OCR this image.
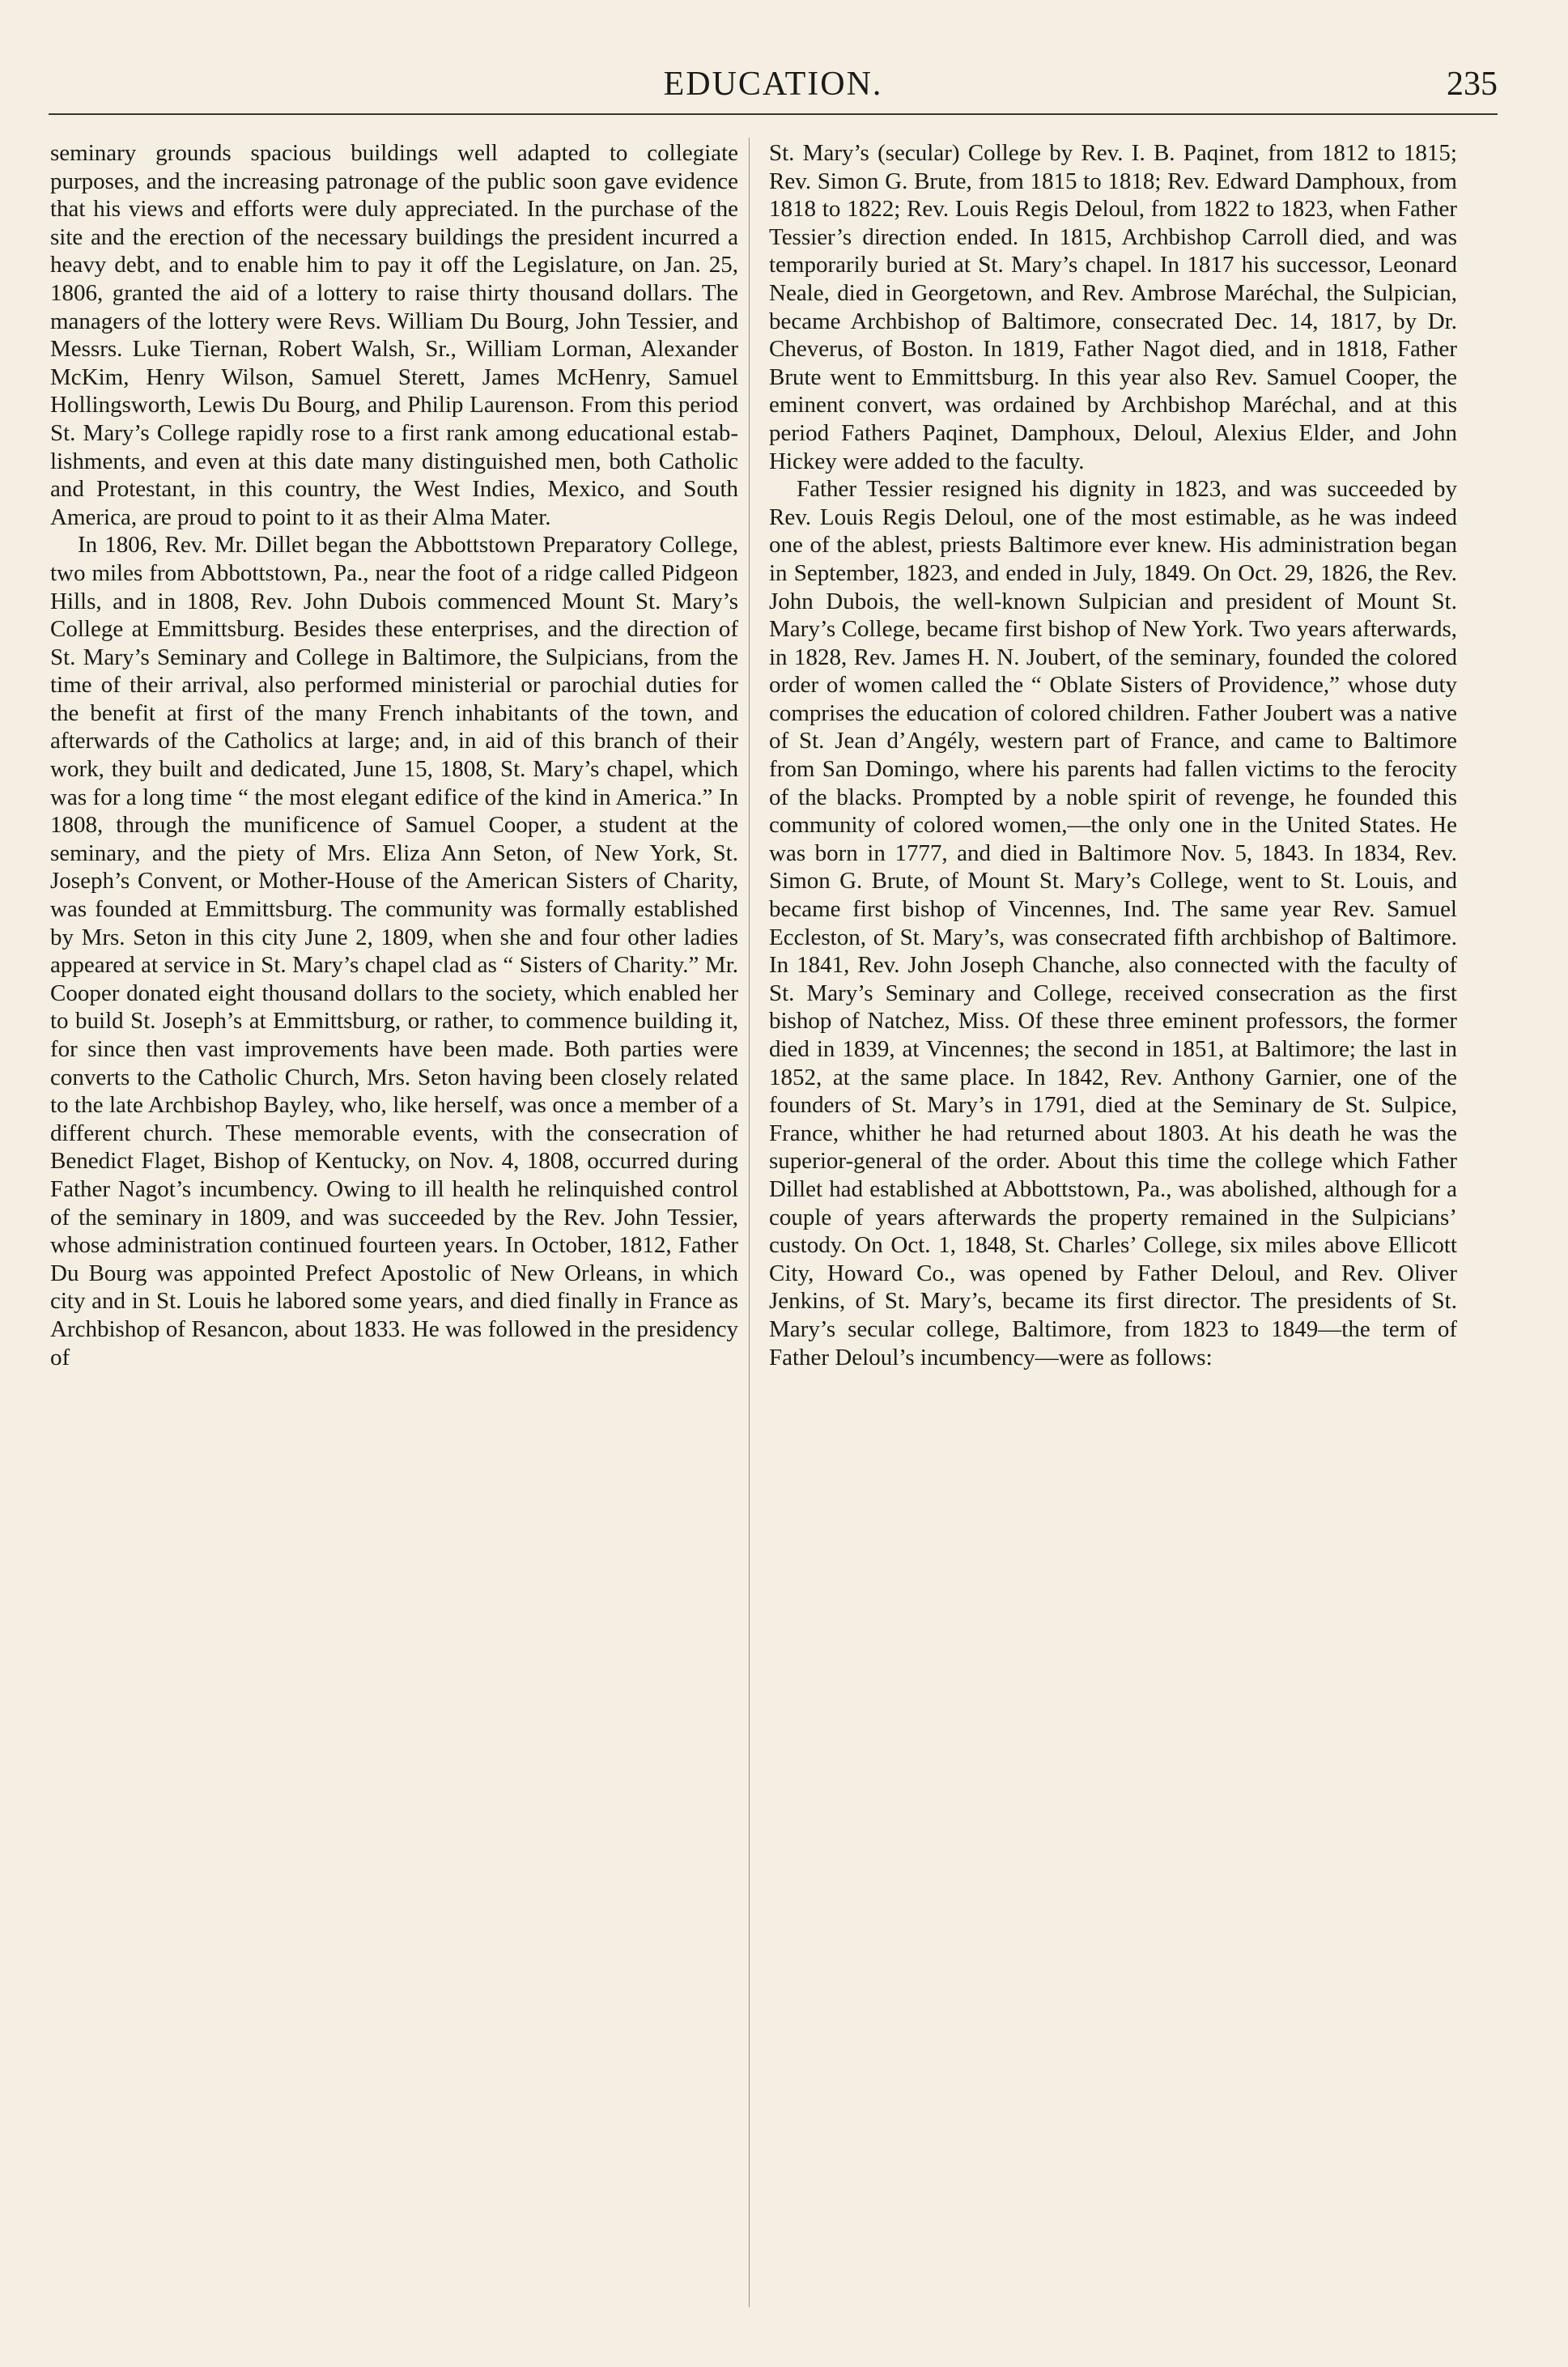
EDUCATION.	235

seminary grounds spacious buildings well adapted to collegiate purposes, and the increasing patronage of the public soon gave evidence that his views and efforts were duly appreciated. In the purchase of the site and the erection of the necessary buildings the president incurred a heavy debt, and to enable him to pay it off the Legislature, on Jan. 25, 1806, granted the aid of a lottery to raise thirty thousand dollars. The managers of the lottery were Revs. William Du Bourg, John Tessier, and Messrs. Luke Tiernan, Robert Walsh, Sr., William Lorman, Alexander McKim, Henry Wilson, Samuel Sterett, James McHenry, Samuel Hollingsworth, Lewis Du Bourg, and Philip Laurenson. From this period St. Mary’s College rapidly rose to a first rank among educational establishments, and even at this date many distinguished men, both Catholic and Protestant, in this country, the West Indies, Mexico, and South America, are proud to point to it as their Alma Mater.

In 1806, Rev. Mr. Dillet began the Abbottstown Preparatory College, two miles from Abbottstown, Pa., near the foot of a ridge called Pidgeon Hills, and in 1808, Rev. John Dubois commenced Mount St. Mary’s College at Emmittsburg. Besides these enterprises, and the direction of St. Mary’s Seminary and College in Baltimore, the Sulpicians, from the time of their arrival, also performed ministerial or parochial duties for the benefit at first of the many French inhabitants of the town, and afterwards of the Catholics at large; and, in aid of this branch of their work, they built and dedicated, June 15, 1808, St. Mary’s chapel, which was for a long time “ the most elegant edifice of the kind in America.” In 1808, through the munificence of Samuel Cooper, a student at the seminary, and the piety of Mrs. Eliza Ann Seton, of New York, St. Joseph’s Convent, or Mother-House of the American Sisters of Charity, was founded at Emmittsburg. The community was formally established by Mrs. Seton in this city June 2, 1809, when she and four other ladies appeared at service in St. Mary’s chapel clad as “ Sisters of Charity.” Mr. Cooper donated eight thousand dollars to the society, which enabled her to build St. Joseph’s at Emmittsburg, or rather, to commence building it, for since then vast improvements have been made. Both parties were converts to the Catholic Church, Mrs. Seton having been closely related to the late Archbishop Bayley, who, like herself, was once a member of a different church. These memorable events, with the consecration of Benedict Flaget, Bishop of Kentucky, on Nov. 4, 1808, occurred during Father Nagot’s incumbency. Owing to ill health he relinquished control of the seminary in 1809, and was succeeded by the Rev. John Tessier, whose administration continued fourteen years. In October, 1812, Father Du Bourg was appointed Prefect Apostolic of New Orleans, in which city and in St. Louis he labored some years, and died finally in France as Archbishop of Resancon, about 1833. He was followed in the presidency of

St. Mary’s (secular) College by Rev. I. B. Paqinet, from 1812 to 1815; Rev. Simon G. Brute, from 1815 to 1818; Rev. Edward Damphoux, from 1818 to 1822; Rev. Louis Regis Deloul, from 1822 to 1823, when Father Tessier’s direction ended. In 1815, Archbishop Carroll died, and was temporarily buried at St. Mary’s chapel. In 1817 his successor, Leonard Neale, died in Georgetown, and Rev. Ambrose Maréchal, the Sulpician, became Archbishop of Baltimore, consecrated Dec. 14, 1817, by Dr. Cheverus, of Boston. In 1819, Father Nagot died, and in 1818, Father Brute went to Emmittsburg. In this year also Rev. Samuel Cooper, the eminent convert, was ordained by Archbishop Maréchal, and at this period Fathers Paqinet, Damphoux, Deloul, Alexius Elder, and John Hickey were added to the faculty.

Father Tessier resigned his dignity in 1823, and was succeeded by Rev. Louis Regis Deloul, one of the most estimable, as he was indeed one of the ablest, priests Baltimore ever knew. His administration began in September, 1823, and ended in July, 1849. On Oct. 29, 1826, the Rev. John Dubois, the well-known Sulpician and president of Mount St. Mary’s College, became first bishop of New York. Two years afterwards, in 1828, Rev. James H. N. Joubert, of the seminary, founded the colored order of women called the “ Oblate Sisters of Providence,” whose duty comprises the education of colored children. Father Joubert was a native of St. Jean d’Angély, western part of France, and came to Baltimore from San Domingo, where his parents had fallen victims to the ferocity of the blacks. Prompted by a noble spirit of revenge, he founded this community of colored women,—the only one in the United States. He was born in 1777, and died in Baltimore Nov. 5, 1843. In 1834, Rev. Simon G. Brute, of Mount St. Mary’s College, went to St. Louis, and became first bishop of Vincennes, Ind. The same year Rev. Samuel Eccleston, of St. Mary’s, was consecrated fifth archbishop of Baltimore. In 1841, Rev. John Joseph Chanche, also connected with the faculty of St. Mary’s Seminary and College, received consecration as the first bishop of Natchez, Miss. Of these three eminent professors, the former died in 1839, at Vincennes; the second in 1851, at Baltimore; the last in 1852, at the same place. In 1842, Rev. Anthony Garnier, one of the founders of St. Mary’s in 1791, died at the Seminary de St. Sulpice, France, whither he had returned about 1803. At his death he was the superior-general of the order. About this time the college which Father Dillet had established at Abbottstown, Pa., was abolished, although for a couple of years afterwards the property remained in the Sulpicians’ custody. On Oct. 1, 1848, St. Charles’ College, six miles above Ellicott City, Howard Co., was opened by Father Deloul, and Rev. Oliver Jenkins, of St. Mary’s, became its first director. The presidents of St. Mary’s secular college, Baltimore, from 1823 to 1849—the term of Father Deloul’s incumbency—were as follows:
